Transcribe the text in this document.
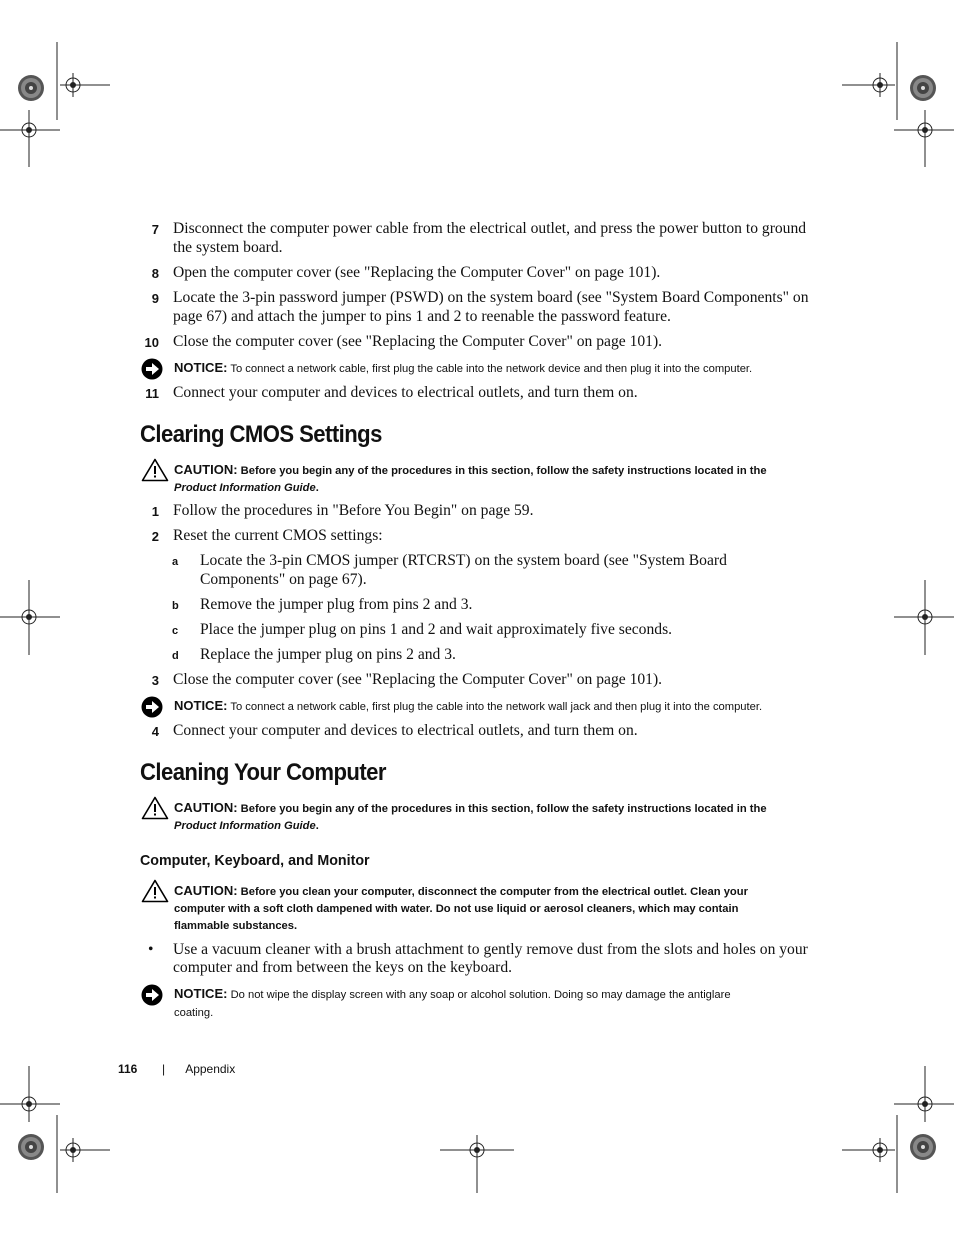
7 Disconnect the computer power cable from the electrical outlet, and press the power button to ground the system board.
8 Open the computer cover (see "Replacing the Computer Cover" on page 101).
9 Locate the 3-pin password jumper (PSWD) on the system board (see "System Board Components" on page 67) and attach the jumper to pins 1 and 2 to reenable the password feature.
10 Close the computer cover (see "Replacing the Computer Cover" on page 101).
NOTICE: To connect a network cable, first plug the cable into the network device and then plug it into the computer.
11 Connect your computer and devices to electrical outlets, and turn them on.
Clearing CMOS Settings
CAUTION: Before you begin any of the procedures in this section, follow the safety instructions located in the
Product Information Guide.
1 Follow the procedures in "Before You Begin" on page 59.
2 Reset the current CMOS settings:
a Locate the 3-pin CMOS jumper (RTCRST) on the system board (see "System Board Components" on page 67).
b Remove the jumper plug from pins 2 and 3.
c Place the jumper plug on pins 1 and 2 and wait approximately five seconds.
d Replace the jumper plug on pins 2 and 3.
3 Close the computer cover (see "Replacing the Computer Cover" on page 101).
NOTICE: To connect a network cable, first plug the cable into the network wall jack and then plug it into the computer.
4 Connect your computer and devices to electrical outlets, and turn them on.
Cleaning Your Computer
CAUTION: Before you begin any of the procedures in this section, follow the safety instructions located in the
Product Information Guide.
Computer, Keyboard, and Monitor
CAUTION: Before you clean your computer, disconnect the computer from the electrical outlet. Clean your computer with a soft cloth dampened with water. Do not use liquid or aerosol cleaners, which may contain flammable substances.
• Use a vacuum cleaner with a brush attachment to gently remove dust from the slots and holes on your computer and from between the keys on the keyboard.
NOTICE: Do not wipe the display screen with any soap or alcohol solution. Doing so may damage the antiglare coating.
116 | Appendix
